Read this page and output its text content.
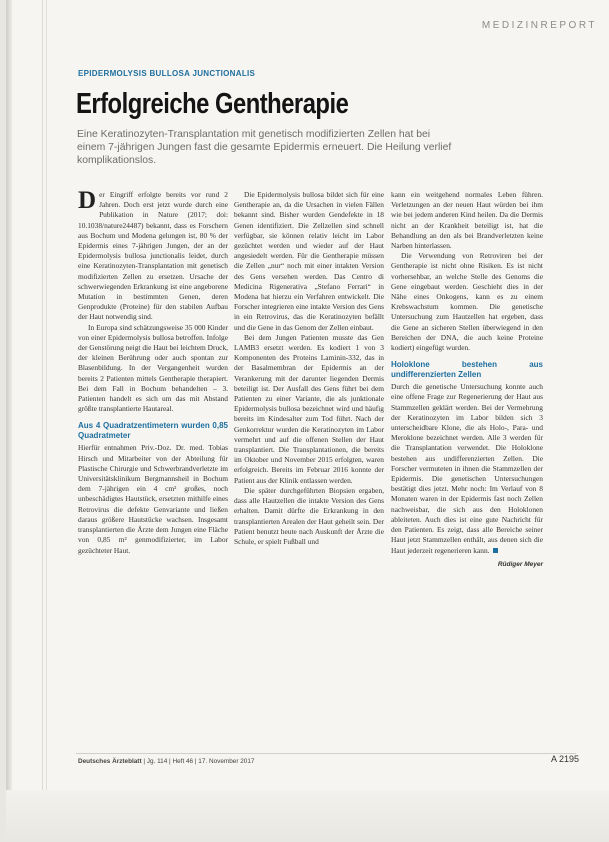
MEDIZINREPORT
EPIDERMOLYSIS BULLOSA JUNCTIONALIS
Erfolgreiche Gentherapie
Eine Keratinozyten-Transplantation mit genetisch modifizierten Zellen hat bei einem 7-jährigen Jungen fast die gesamte Epidermis erneuert. Die Heilung verlief komplikationslos.

Der Eingriff erfolgte bereits vor rund 2 Jahren. Doch erst jetzt wurde durch eine Publikation in Nature (2017; doi: 10.1038/nature24487) bekannt, dass es Forschern aus Bochum und Modena gelungen ist, 80 % der Epidermis eines 7-jährigen Jungen, der an der Epidermolysis bullosa junctionalis leidet, durch eine Keratinozyten-Transplantation mit genetisch modifizierten Zellen zu ersetzen. Ursache der schwerwiegenden Erkrankung ist eine angeborene Mutation in bestimmten Genen, deren Genprodukte (Proteine) für den stabilen Aufbau der Haut notwendig sind.

In Europa sind schätzungsweise 35 000 Kinder von einer Epidermolysis bullosa betroffen. Infolge der Genstörung neigt die Haut bei leichtem Druck, der kleinen Berührung oder auch spontan zur Blasenbildung. In der Vergangenheit wurden bereits 2 Patienten mittels Gentherapie therapiert. Bei dem Fall in Bochum behandelten – 3. Patienten handelt es sich um das mit Abstand größte transplantierte Hautareal.

Aus 4 Quadratzentimetern wurden 0,85 Quadratmeter

Hierfür entnahmen Priv.-Doz. Dr. med. Tobias Hirsch und Mitarbeiter von der Abteilung für Plastische Chirurgie und Schwerbrandverletzte im Universitätsklinikum Bergmannsheil in Bochum dem 7-jährigen ein 4 cm² großes, noch unbeschädigtes Hautstück, ersetzten mithilfe eines Retrovirus die defekte Genvariante und ließen daraus größere Hautstücke wachsen. Insgesamt transplantierten die Ärzte dem Jungen eine Fläche von 0,85 m² genmodifizierter, im Labor gezüchteter Haut.

Die Epidermolysis bullosa bildet sich für eine Gentherapie an, da die Ursachen in vielen Fällen bekannt sind. Bisher wurden Gendefekte in 18 Genen identifiziert. Die Zellzellen sind schnell verfügbar, sie können relativ leicht im Labor gezüchtet werden und wieder auf der Haut angesiedelt werden. Für die Gentherapie müssen die Zellen „nur“ noch mit einer intakten Version des Gens versehen werden. Das Centro di Medicina Rigenerativa „Stefano Ferrari“ in Modena hat hierzu ein Verfahren entwickelt. Die Forscher integrieren eine intakte Version des Gens in ein Retrovirus, das die Keratinozyten befällt und die Gene in das Genom der Zellen einbaut.

Bei dem Jungen Patienten musste das Gen LAMB3 ersetzt werden. Es kodiert 1 von 3 Komponenten des Proteins Laminin-332, das in der Basalmembran der Epidermis an der Verankerung mit der darunter liegenden Dermis beteiligt ist. Der Ausfall des Gens führt bei dem Patienten zu einer Variante, die als junktionale Epidermolysis bullosa bezeichnet wird und häufig bereits im Kindesalter zum Tod führt. Nach der Genkorrektur wurden die Keratinozyten im Labor vermehrt und auf die offenen Stellen der Haut transplantiert. Die Transplantationen, die bereits im Oktober und November 2015 erfolgten, waren erfolgreich. Bereits im Februar 2016 konnte der Patient aus der Klinik entlassen werden.

Die später durchgeführten Biopsien ergaben, dass alle Hautzellen die intakte Version des Gens erhalten. Damit dürfte die Erkrankung in den transplantierten Arealen der Haut geheilt sein. Der Patient benutzt heute nach Auskunft der Ärzte die Schule, er spielt Fußball und

kann ein weitgehend normales Leben führen. Verletzungen an der neuen Haut würden bei ihm wie bei jedem anderen Kind heilen. Da die Dermis nicht an der Krankheit beteiligt ist, hat die Behandlung an den als bei Brandverletzten keine Narben hinterlassen.

Die Verwendung von Retroviren bei der Gentherapie ist nicht ohne Risiken. Es ist nicht vorhersehbar, an welche Stelle des Genoms die Gene eingebaut werden. Geschieht dies in der Nähe eines Onkogens, kann es zu einem Krebswachstum kommen. Die genetische Untersuchung zum Hautzellen hat ergeben, dass die Gene an sicheren Stellen überwiegend in den Bereichen der DNA, die auch keine Proteine kodiert) eingefügt wurden.

Holoklone bestehen aus undifferenzierten Zellen

Durch die genetische Untersuchung konnte auch eine offene Frage zur Regenerierung der Haut aus Stammzellen geklärt werden. Bei der Vermehrung der Keratinozyten im Labor bilden sich 3 unterscheidbare Klone, die als Holo-, Para- und Meroklone bezeichnet werden. Alle 3 werden für die Transplantation verwendet. Die Holoklone bestehen aus undifferenzierten Zellen. Die Forscher vermuteten in ihnen die Stammzellen der Epidermis. Die genetischen Untersuchungen bestätigt dies jetzt. Mehr noch: Im Verlauf von 8 Monaten waren in der Epidermis fast noch Zellen nachweisbar, die sich aus den Holoklonen ableiteten. Auch dies ist eine gute Nachricht für den Patienten. Es zeigt, dass alle Bereiche seiner Haut jetzt Stammzellen enthält, aus denen sich die Haut jederzeit regenerieren kann.

Rüdiger Meyer
Deutsches Ärzteblatt | Jg. 114 | Heft 46 | 17. November 2017	A 2195
